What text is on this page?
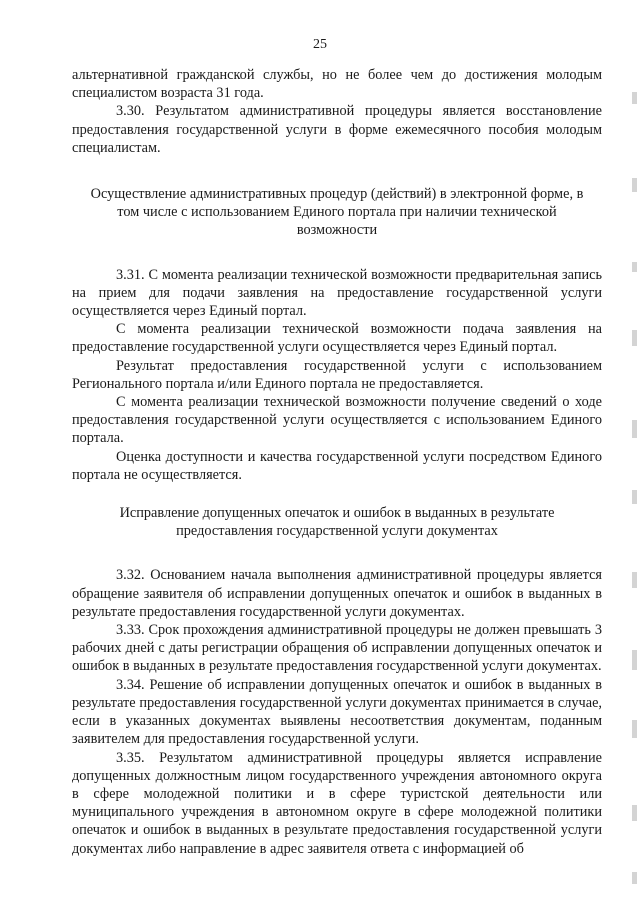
25

альтернативной гражданской службы, но не более чем до достижения молодым специалистом возраста 31 года.

3.30. Результатом административной процедуры является восстановление предоставления государственной услуги в форме ежемесячного пособия молодым специалистам.

Осуществление административных процедур (действий) в электронной форме, в том числе с использованием Единого портала при наличии технической возможности

3.31. С момента реализации технической возможности предварительная запись на прием для подачи заявления на предоставление государственной услуги осуществляется через Единый портал.

С момента реализации технической возможности подача заявления на предоставление государственной услуги осуществляется через Единый портал.

Результат предоставления государственной услуги с использованием Регионального портала и/или Единого портала не предоставляется.

С момента реализации технической возможности получение сведений о ходе предоставления государственной услуги осуществляется с использованием Единого портала.

Оценка доступности и качества государственной услуги посредством Единого портала не осуществляется.

Исправление допущенных опечаток и ошибок в выданных в результате предоставления государственной услуги документах

3.32. Основанием начала выполнения административной процедуры является обращение заявителя об исправлении допущенных опечаток и ошибок в выданных в результате предоставления государственной услуги документах.

3.33. Срок прохождения административной процедуры не должен превышать 3 рабочих дней с даты регистрации обращения об исправлении допущенных опечаток и ошибок в выданных в результате предоставления государственной услуги документах.

3.34. Решение об исправлении допущенных опечаток и ошибок в выданных в результате предоставления государственной услуги документах принимается в случае, если в указанных документах выявлены несоответствия документам, поданным заявителем для предоставления государственной услуги.

3.35. Результатом административной процедуры является исправление допущенных должностным лицом государственного учреждения автономного округа в сфере молодежной политики и в сфере туристской деятельности или муниципального учреждения в автономном округе в сфере молодежной политики опечаток и ошибок в выданных в результате предоставления государственной услуги документах либо направление в адрес заявителя ответа с информацией об
